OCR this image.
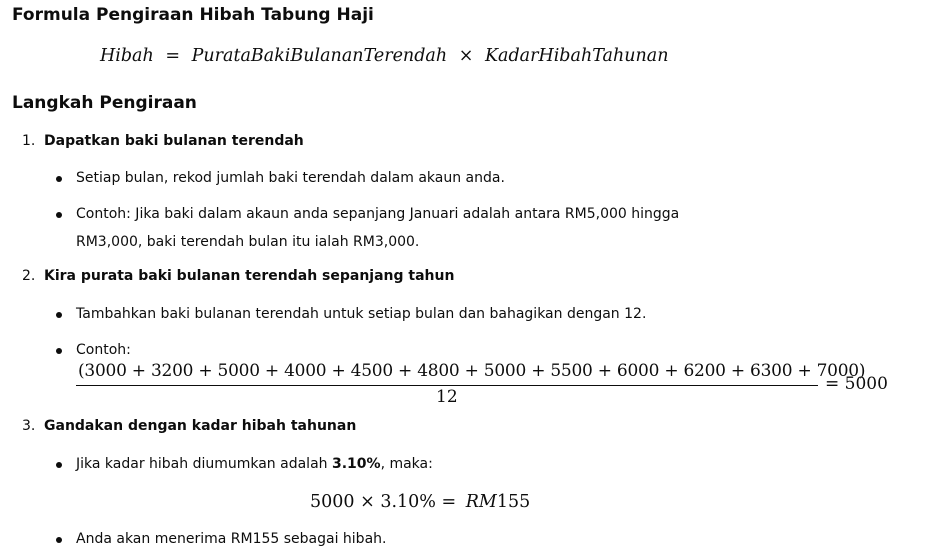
Formula Pengiraan Hibah Tabung Haji
Hibah = PurataBakiBulananTerendah × KadarHibahTahunan
Langkah Pengiraan
1. Dapatkan baki bulanan terendah
Setiap bulan, rekod jumlah baki terendah dalam akaun anda.
Contoh: Jika baki dalam akaun anda sepanjang Januari adalah antara RM5,000 hingga
RM3,000, baki terendah bulan itu ialah RM3,000.
2. Kira purata baki bulanan terendah sepanjang tahun
Tambahkan baki bulanan terendah untuk setiap bulan dan bahagikan dengan 12.
Contoh:
(3000 + 3200 + 5000 + 4000 + 4500 + 4800 + 5000 + 5500 + 6000 + 6200 + 6300 + 7000)
12
= 5000
3. Gandakan dengan kadar hibah tahunan
Jika kadar hibah diumumkan adalah 3.10%, maka:
5000 × 3.10% = RM155
Anda akan menerima RM155 sebagai hibah.
